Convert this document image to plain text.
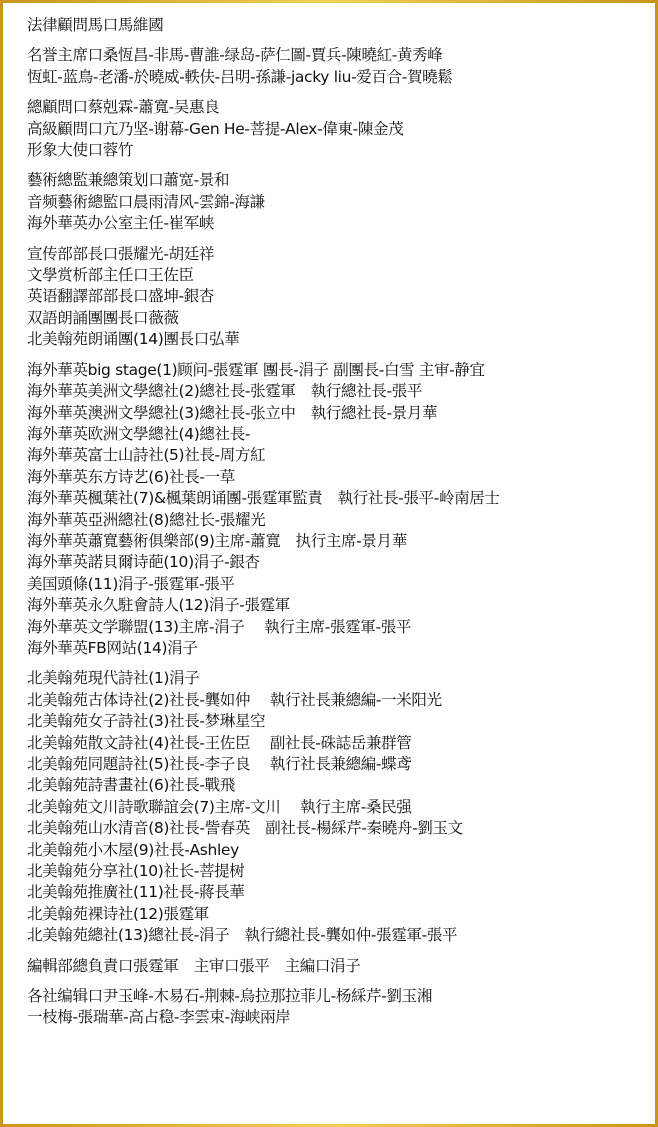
法律顧問馬口馬維國
名誉主席口桑恆昌-非馬-曹誰-绿岛-萨仁圖-賈兵-陳曉紅-黄秀峰
恆虹-蓝鳥-老潘-於曉威-軼伕-吕明-孫謙-jacky liu-爱百合-賀曉鬆
總顧問口蔡剋霖-蕭寬-吴惠良
高級顧問口亢乃坚-谢幕-Gen He-菩提-Alex-偉東-陳金茂
形象大使口蓉竹
藝術總監兼總策划口蕭宽-景和
音频藝術總監口晨雨清风-雲錦-海謙
海外華英办公室主任-崔军峡
宣传部部長口張耀光-胡廷祥
文學赏析部主任口王佐臣
英语翻譯部部長口盛坤-銀杏
双語朗誦團團長口薇薇
北美翰苑朗诵團(14)團長口弘華
海外華英big stage(1)顾问-張霆軍 團長-涓子 副團長-白雪 主审-静宜
海外華英美洲文學總社(2)總社長-张霆軍　執行總社長-張平
海外華英澳洲文學總社(3)總社長-张立中　執行總社長-景月華
海外華英欧洲文學總社(4)總社長-
海外華英富士山詩社(5)社長-周方紅
海外華英东方诗艺(6)社長-一草
海外華英楓葉社(7)&楓葉朗诵團-張霆軍監責　執行社長-張平-岭南居士
海外華英亞洲總社(8)總社长-張耀光
海外華英蕭寬藝術俱樂部(9)主席-蕭寬　执行主席-景月華
海外華英諾貝爾诗葩(10)涓子-銀杏
美国頭條(11)涓子-張霆軍-張平
海外華英永久駐會詩人(12)涓子-張霆軍
海外華英文学聯盟(13)主席-涓子　 執行主席-張霆軍-張平
海外華英FB网站(14)涓子
北美翰苑現代詩社(1)涓子
北美翰苑古体诗社(2)社長-龔如仲　 執行社長兼總編-一米阳光
北美翰苑女子詩社(3)社長-梦琳星空
北美翰苑散文詩社(4)社長-王佐臣　 副社長-硃誌岳兼群管
北美翰苑同題詩社(5)社長-李子良　 執行社長兼總編-蝶鸢
北美翰苑詩書畫社(6)社長-戰飛
北美翰苑文川詩歌聯誼会(7)主席-文川　 執行主席-桑民强
北美翰苑山水清音(8)社長-訾春英　副社長-楊綵芹-秦曉舟-劉玉文
北美翰苑小木屋(9)社長-Ashley
北美翰苑分享社(10)社长-菩提树
北美翰苑推廣社(11)社長-蔣長華
北美翰苑裸诗社(12)張霆軍
北美翰苑總社(13)總社長-涓子　執行總社長-龔如仲-張霆軍-張平
編輯部總負責口張霆軍　主审口張平　主編口涓子
各社编辑口尹玉峰-木易石-荆棘-烏拉那拉菲儿-杨綵芹-劉玉湘
一枝梅-張瑞華-高占稳-李雲束-海峡兩岸
